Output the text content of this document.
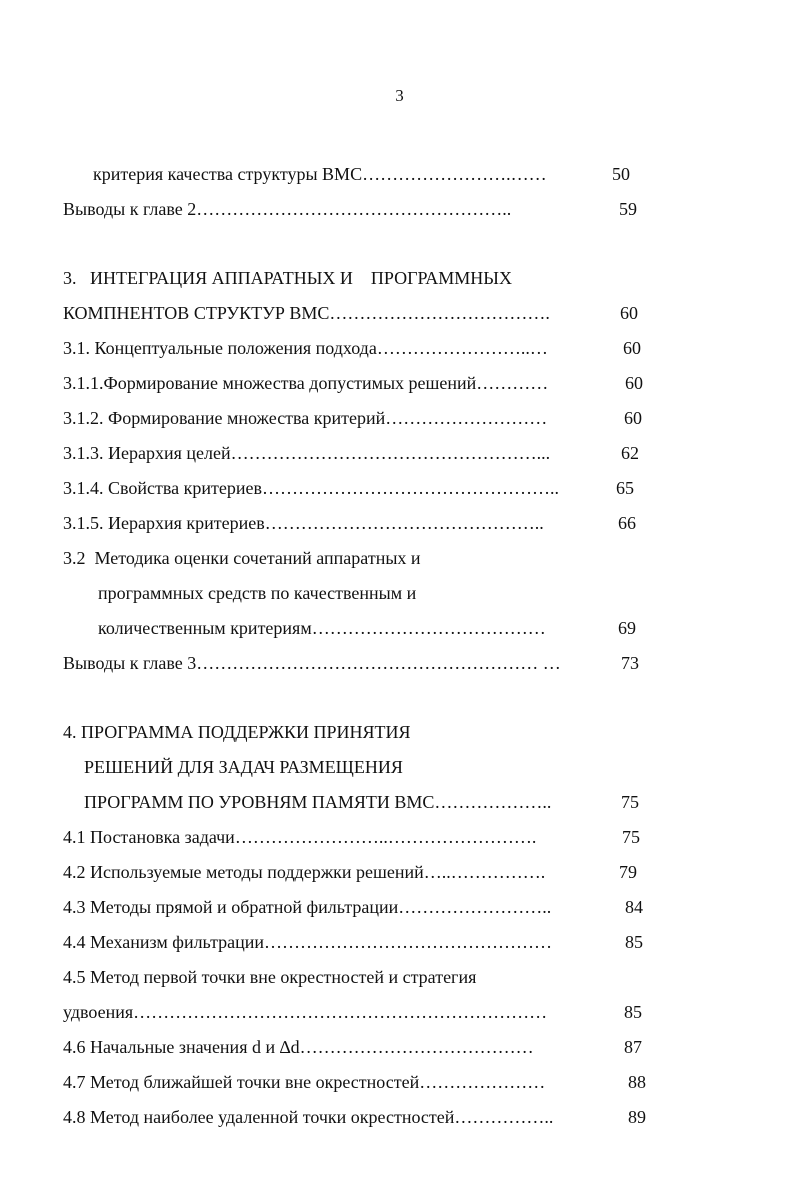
3
критерия качества структуры ВМС…………………….……	50
Выводы к главе 2……………………………………………..	59
3.   ИНТЕГРАЦИЯ АППАРАТНЫХ И    ПРОГРАММНЫХ
КОМПНЕНТОВ СТРУКТУР ВМС……………………………….	60
3.1. Концептуальные положения подхода……………………..…	60
3.1.1.Формирование множества допустимых решений…………	60
3.1.2. Формирование множества критерий………………………	60
3.1.3. Иерархия целей……………………………………………...	62
3.1.4. Свойства критериев…………………………………………..	65
3.1.5. Иерархия критериев………………………………………..	66
3.2  Методика оценки сочетаний аппаратных и
программных средств по качественным и
количественным критериям…………………………………	69
Выводы к главе 3………………………………………………… …	73
4. ПРОГРАММА ПОДДЕРЖКИ ПРИНЯТИЯ
РЕШЕНИЙ ДЛЯ ЗАДАЧ РАЗМЕЩЕНИЯ
ПРОГРАММ ПО УРОВНЯМ ПАМЯТИ ВМС………………..	75
4.1 Постановка задачи……………………..…………………….	75
4.2 Используемые методы поддержки решений…..…………….	79
4.3 Методы прямой и обратной фильтрации……………………..	84
4.4 Механизм фильтрации…………………………………………	85
4.5 Метод первой точки вне окрестностей и стратегия
удвоения……………………………………………………………	85
4.6 Начальные значения d и ∆d…………………………………	87
4.7 Метод ближайшей точки вне окрестностей…………………	88
4.8 Метод наиболее удаленной точки окрестностей……………..	89
